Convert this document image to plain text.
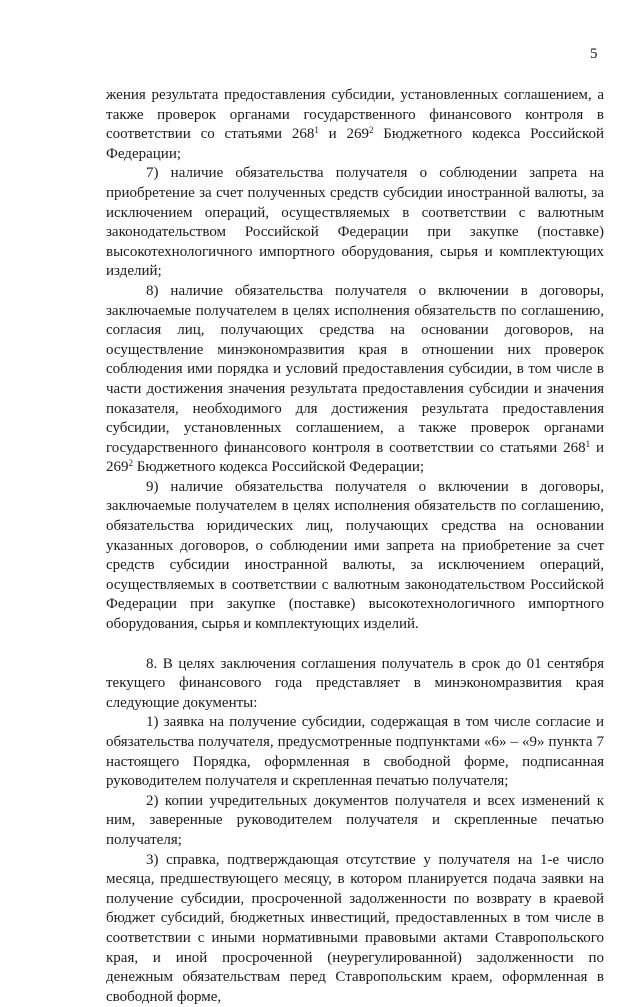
5

жения результата предоставления субсидии, установленных соглашением, а также проверок органами государственного финансового контроля в соответствии со статьями $268^1$ и $269^2$ Бюджетного кодекса Российской Федерации;

7) наличие обязательства получателя о соблюдении запрета на приобретение за счет полученных средств субсидии иностранной валюты, за исключением операций, осуществляемых в соответствии с валютным законодательством Российской Федерации при закупке (поставке) высокотехнологичного импортного оборудования, сырья и комплектующих изделий;

8) наличие обязательства получателя о включении в договоры, заключаемые получателем в целях исполнения обязательств по соглашению, согласия лиц, получающих средства на основании договоров, на осуществление минэкономразвития края в отношении них проверок соблюдения ими порядка и условий предоставления субсидии, в том числе в части достижения значения результата предоставления субсидии и значения показателя, необходимого для достижения результата предоставления субсидии, установленных соглашением, а также проверок органами государственного финансового контроля в соответствии со статьями $268^1$ и $269^2$ Бюджетного кодекса Российской Федерации;

9) наличие обязательства получателя о включении в договоры, заключаемые получателем в целях исполнения обязательств по соглашению, обязательства юридических лиц, получающих средства на основании указанных договоров, о соблюдении ими запрета на приобретение за счет средств субсидии иностранной валюты, за исключением операций, осуществляемых в соответствии с валютным законодательством Российской Федерации при закупке (поставке) высокотехнологичного импортного оборудования, сырья и комплектующих изделий.

8. В целях заключения соглашения получатель в срок до 01 сентября текущего финансового года представляет в минэкономразвития края следующие документы:

1) заявка на получение субсидии, содержащая в том числе согласие и обязательства получателя, предусмотренные подпунктами «6» – «9» пункта 7 настоящего Порядка, оформленная в свободной форме, подписанная руководителем получателя и скрепленная печатью получателя;

2) копии учредительных документов получателя и всех изменений к ним, заверенные руководителем получателя и скрепленные печатью получателя;

3) справка, подтверждающая отсутствие у получателя на 1-е число месяца, предшествующего месяцу, в котором планируется подача заявки на получение субсидии, просроченной задолженности по возврату в краевой бюджет субсидий, бюджетных инвестиций, предоставленных в том числе в соответствии с иными нормативными правовыми актами Ставропольского края, и иной просроченной (неурегулированной) задолженности по денежным обязательствам перед Ставропольским краем, оформленная в свободной форме,
